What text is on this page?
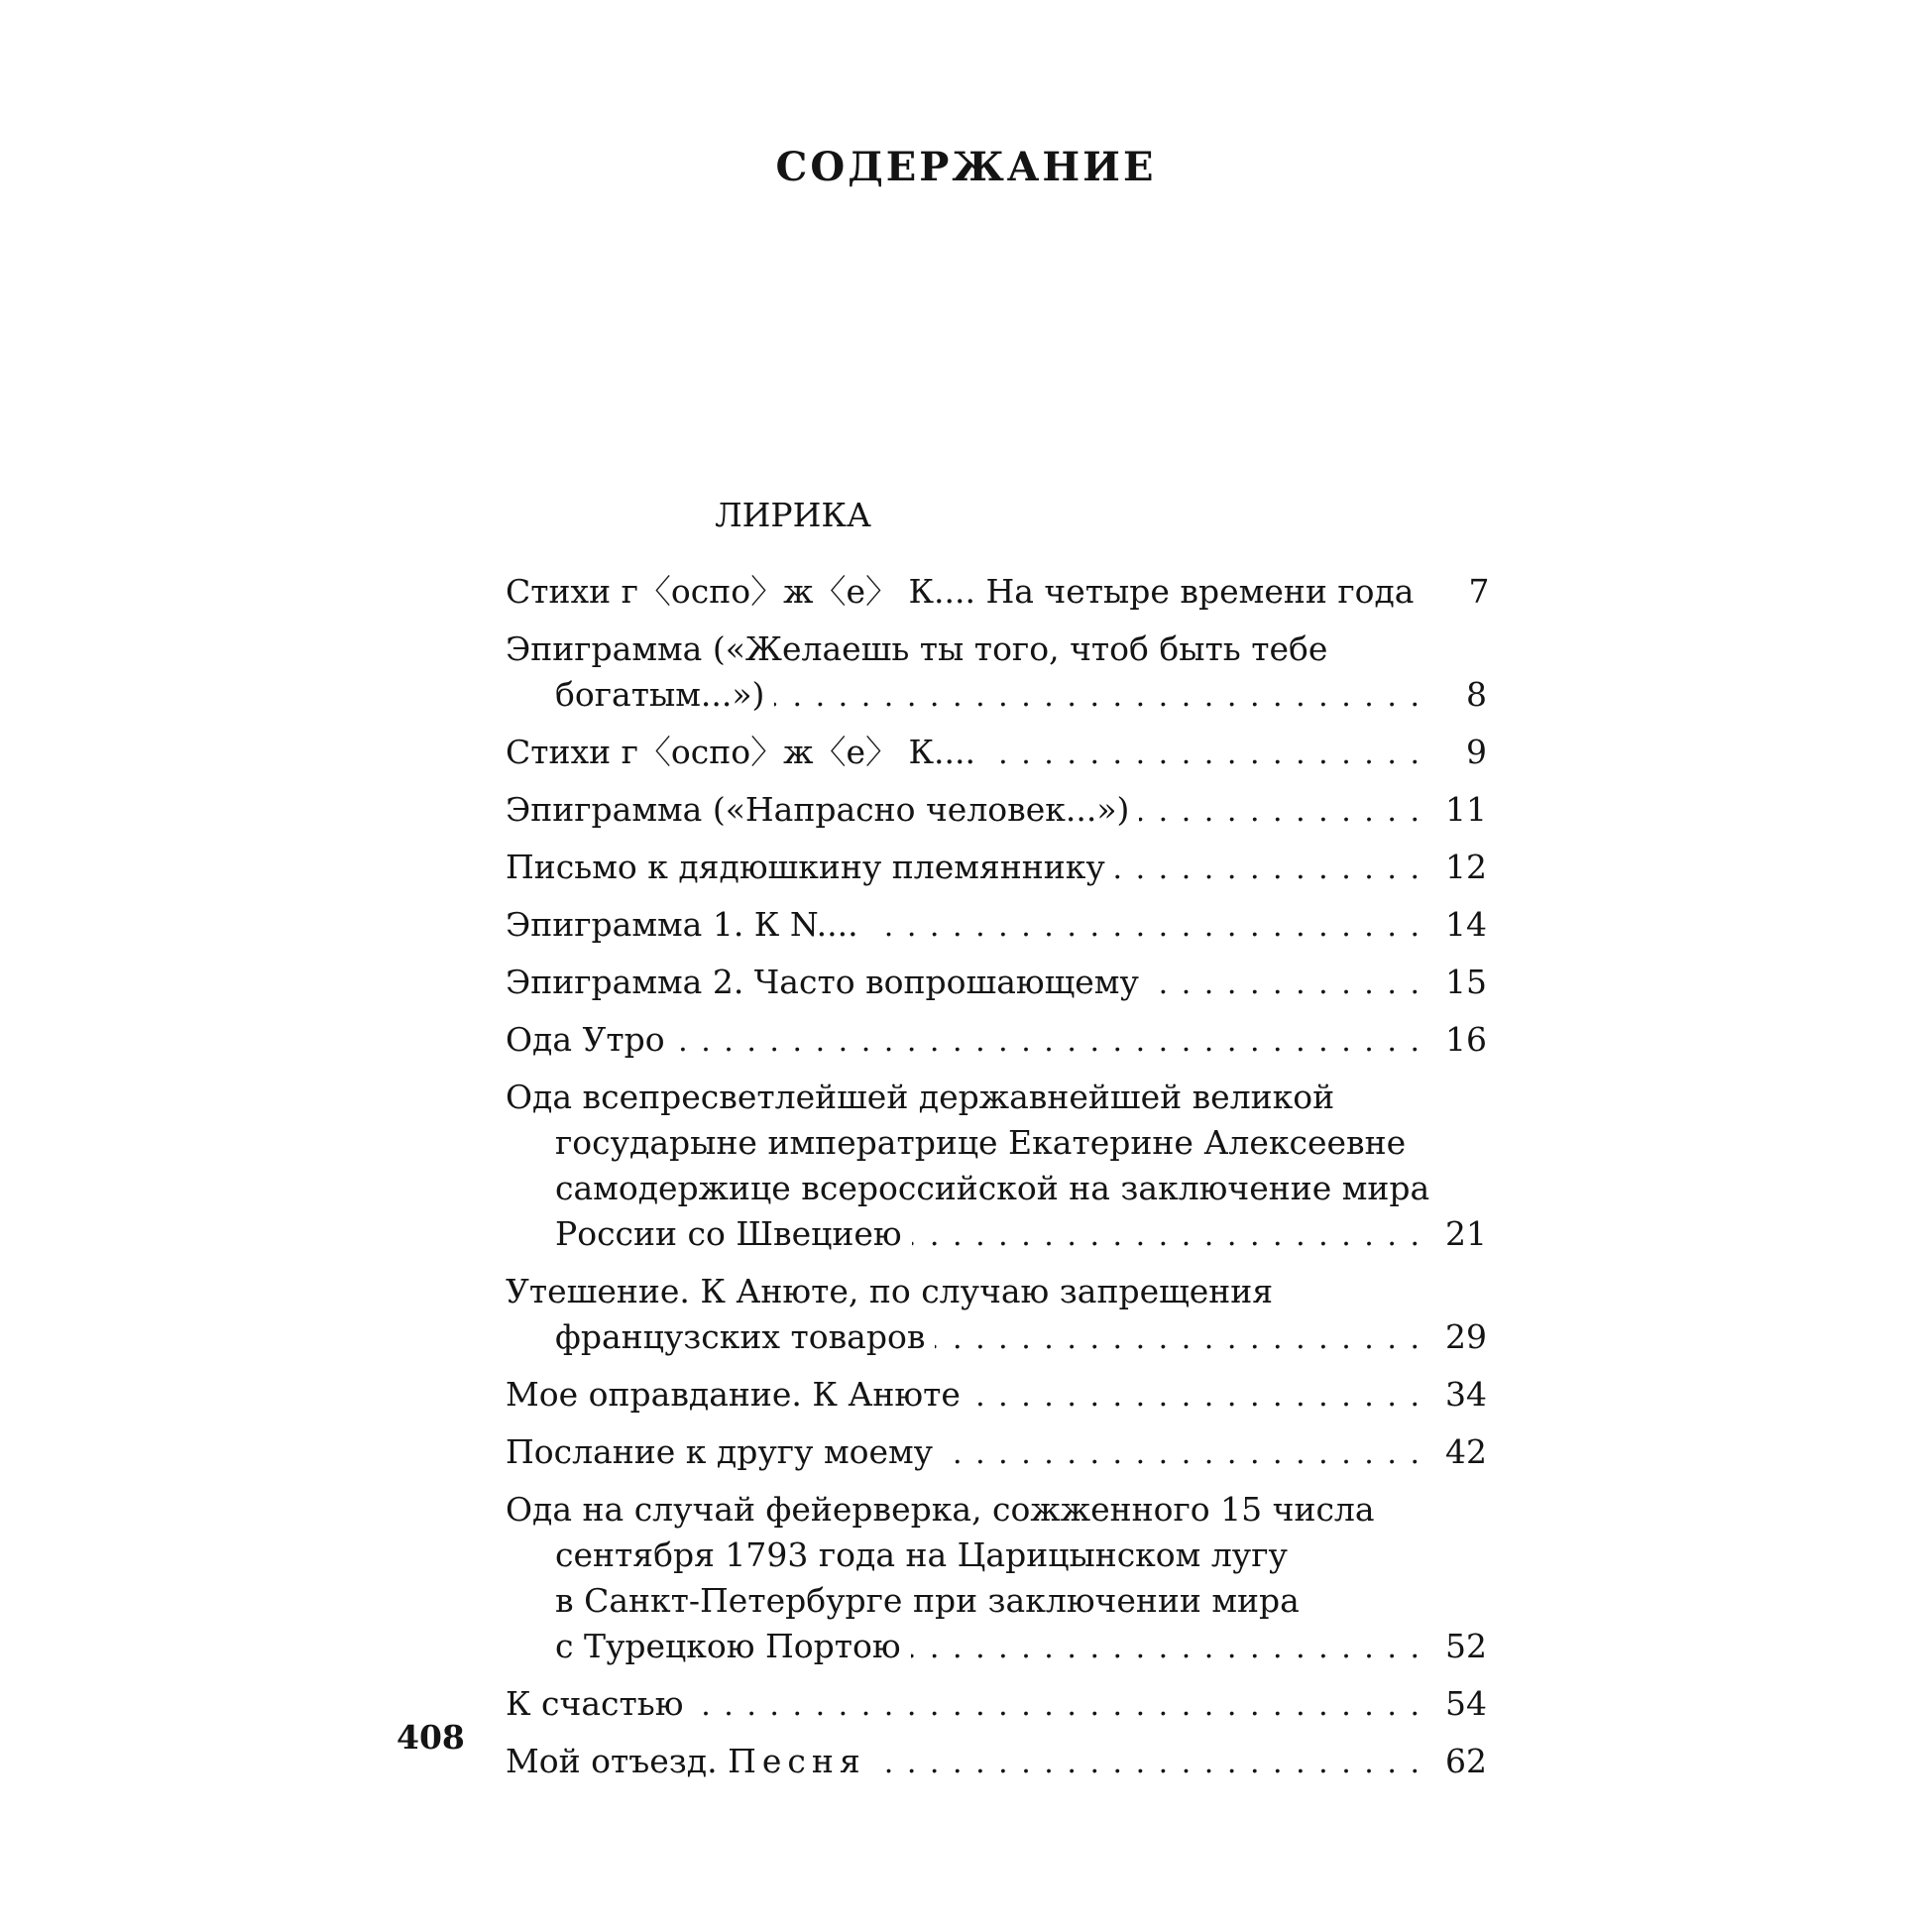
СОДЕРЖАНИЕ
ЛИРИКА
Стихи г〈оспо〉ж〈е〉 К.... На четыре времени года	7
Эпиграмма («Желаешь ты того, чтоб быть тебе
богатым...») . . .	8
Стихи г〈оспо〉ж〈е〉 К.... . . .	9
Эпиграмма («Напрасно человек...») . . .	11
Письмо к дядюшкину племяннику . . .	12
Эпиграмма 1. К N.... . . .	14
Эпиграмма 2. Часто вопрошающему . . .	15
Ода Утро . . .	16
Ода всепресветлейшей державнейшей великой
государыне императрице Екатерине Алексеевне
самодержице всероссийской на заключение мира
России со Швециею . . .	21
Утешение. К Анюте, по случаю запрещения
французских товаров . . .	29
Мое оправдание. К Анюте . . .	34
Послание к другу моему . . .	42
Ода на случай фейерверка, сожженного 15 числа
сентября 1793 года на Царицынском лугу
в Санкт-Петербурге при заключении мира
с Турецкою Портою . . .	52
К счастью . . .	54
Мой отъезд. Песня . . .	62
408
